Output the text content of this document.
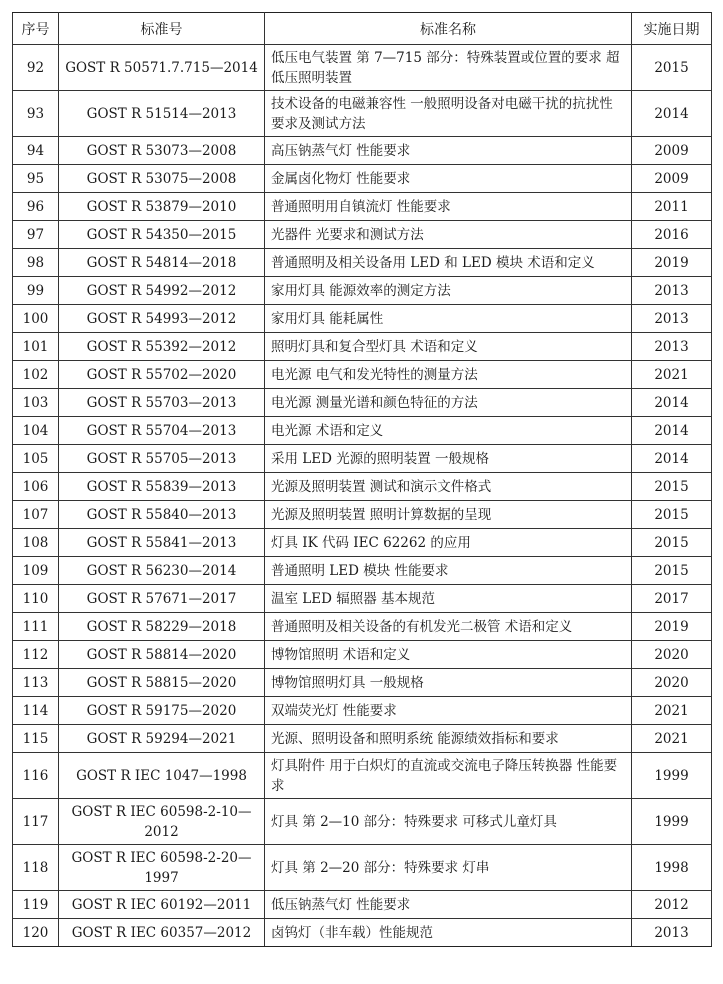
序号	标准号	标准名称	实施日期
92	GOST R 50571.7.715—2014	低压电气装置 第 7—715 部分：特殊装置或位置的要求 超低压照明装置	2015
93	GOST R 51514—2013	技术设备的电磁兼容性 一般照明设备对电磁干扰的抗扰性 要求及测试方法	2014
94	GOST R 53073—2008	高压钠蒸气灯 性能要求	2009
95	GOST R 53075—2008	金属卤化物灯 性能要求	2009
96	GOST R 53879—2010	普通照明用自镇流灯 性能要求	2011
97	GOST R 54350—2015	光器件 光要求和测试方法	2016
98	GOST R 54814—2018	普通照明及相关设备用 LED 和 LED 模块 术语和定义	2019
99	GOST R 54992—2012	家用灯具 能源效率的测定方法	2013
100	GOST R 54993—2012	家用灯具 能耗属性	2013
101	GOST R 55392—2012	照明灯具和复合型灯具 术语和定义	2013
102	GOST R 55702—2020	电光源 电气和发光特性的测量方法	2021
103	GOST R 55703—2013	电光源 测量光谱和颜色特征的方法	2014
104	GOST R 55704—2013	电光源 术语和定义	2014
105	GOST R 55705—2013	采用 LED 光源的照明装置 一般规格	2014
106	GOST R 55839—2013	光源及照明装置 测试和演示文件格式	2015
107	GOST R 55840—2013	光源及照明装置 照明计算数据的呈现	2015
108	GOST R 55841—2013	灯具 IK 代码 IEC 62262 的应用	2015
109	GOST R 56230—2014	普通照明 LED 模块 性能要求	2015
110	GOST R 57671—2017	温室 LED 辐照器 基本规范	2017
111	GOST R 58229—2018	普通照明及相关设备的有机发光二极管 术语和定义	2019
112	GOST R 58814—2020	博物馆照明 术语和定义	2020
113	GOST R 58815—2020	博物馆照明灯具 一般规格	2020
114	GOST R 59175—2020	双端荧光灯 性能要求	2021
115	GOST R 59294—2021	光源、照明设备和照明系统 能源绩效指标和要求	2021
116	GOST R IEC 1047—1998	灯具附件 用于白炽灯的直流或交流电子降压转换器 性能要求	1999
117	GOST R IEC 60598-2-10—2012	灯具 第 2—10 部分：特殊要求 可移式儿童灯具	1999
118	GOST R IEC 60598-2-20—1997	灯具 第 2—20 部分：特殊要求 灯串	1998
119	GOST R IEC 60192—2011	低压钠蒸气灯 性能要求	2012
120	GOST R IEC 60357—2012	卤钨灯（非车载）性能规范	2013
